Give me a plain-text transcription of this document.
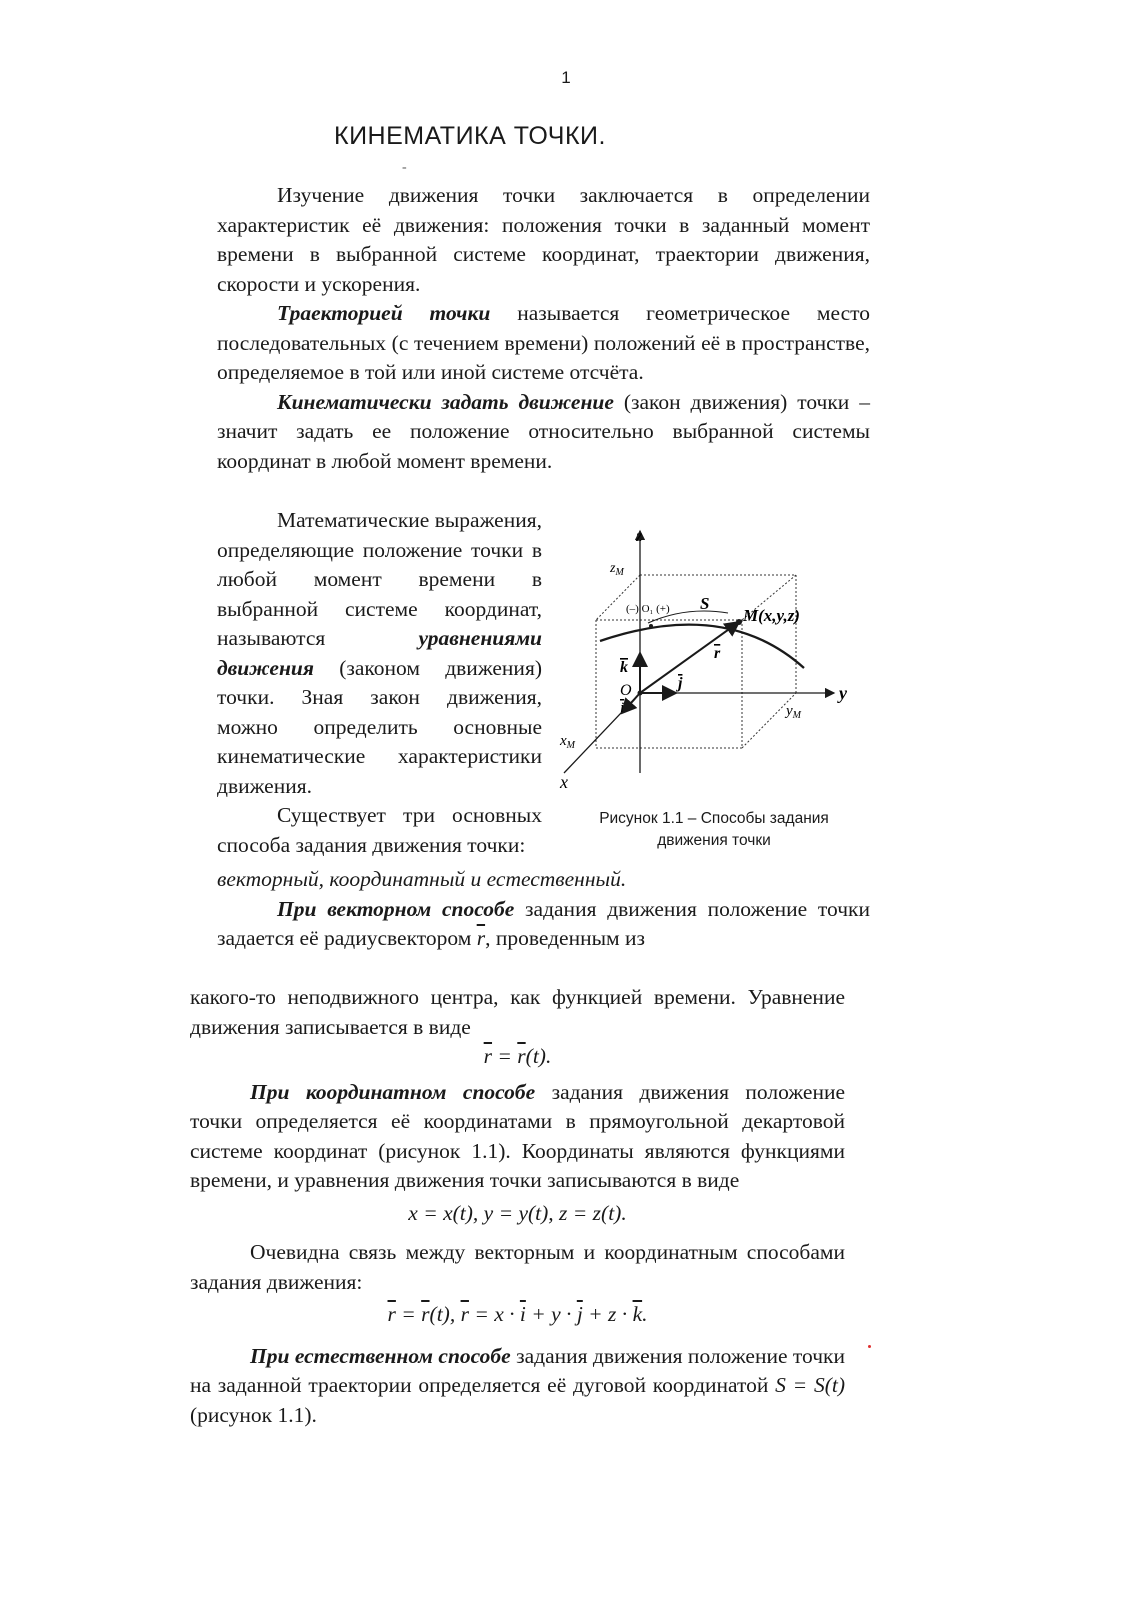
1
КИНЕМАТИКА ТОЧКИ.
-

Изучение движения точки заключается в определении характеристик её движения: положения точки в заданный момент времени в выбранной системе координат, траектории движения, скорости и ускорения.

Траекторией точки называется геометрическое место последовательных (с течением времени) положений её в пространстве, определяемое в той или иной системе отсчёта.

Кинематически задать движение (закон движения) точки – значит задать ее положение относительно выбранной системы координат в любой момент времени.

Математические выражения, определяющие положение точки в любой момент времени в выбранной системе координат, называются уравнениями движения (законом движения) точки. Зная закон движения, можно определить основные кинематические характеристики движения.

Существует три основных способа задания движения точки:

z
y
x
$z_M$
$y_M$
$x_M$
O
(–) O₁ (+) S
M(x,y,z)
k
j
i
r
Рисунок 1.1 – Способы задания
движения точки

векторный, координатный и естественный.

При векторном способе задания движения положение точки задается её радиусвектором $\overline{r}$, проведенным из

какого-то неподвижного центра, как функцией времени. Уравнение движения записывается в виде

$\overline{r} = \overline{r}(t)$.

При координатном способе задания движения положение точки определяется её координатами в прямоугольной декартовой системе координат (рисунок 1.1). Координаты являются функциями времени, и уравнения движения точки записываются в виде

x = x(t), y = y(t), z = z(t).

Очевидна связь между векторным и координатным способами задания движения:

$\overline{r} = \overline{r}(t)$, $\overline{r} = x \cdot \overline{i} + y \cdot \overline{j} + z \cdot \overline{k}$.

При естественном способе задания движения положение точки на заданной траектории определяется её дуговой координатой S = S(t) (рисунок 1.1).
